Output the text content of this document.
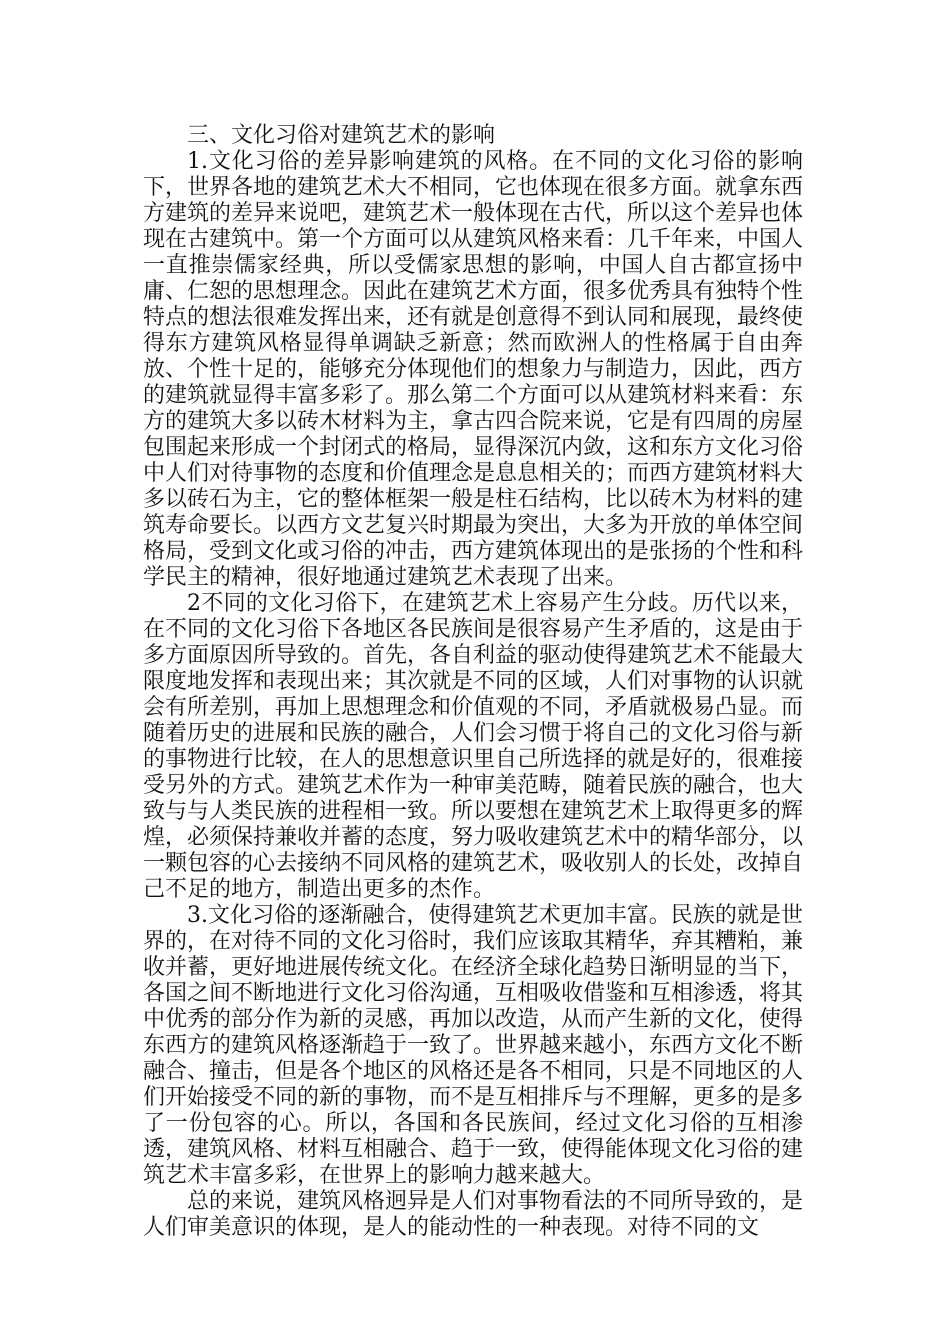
三、文化习俗对建筑艺术的影响

1.文化习俗的差异影响建筑的风格。在不同的文化习俗的影响下，世界各地的建筑艺术大不相同，它也体现在很多方面。就拿东西方建筑的差异来说吧，建筑艺术一般体现在古代，所以这个差异也体现在古建筑中。第一个方面可以从建筑风格来看：几千年来，中国人一直推崇儒家经典，所以受儒家思想的影响，中国人自古都宣扬中庸、仁恕的思想理念。因此在建筑艺术方面，很多优秀具有独特个性特点的想法很难发挥出来，还有就是创意得不到认同和展现，最终使得东方建筑风格显得单调缺乏新意；然而欧洲人的性格属于自由奔放、个性十足的，能够充分体现他们的想象力与制造力，因此，西方的建筑就显得丰富多彩了。那么第二个方面可以从建筑材料来看：东方的建筑大多以砖木材料为主，拿古四合院来说，它是有四周的房屋包围起来形成一个封闭式的格局，显得深沉内敛，这和东方文化习俗中人们对待事物的态度和价值理念是息息相关的；而西方建筑材料大多以砖石为主，它的整体框架一般是柱石结构，比以砖木为材料的建筑寿命要长。以西方文艺复兴时期最为突出，大多为开放的单体空间格局，受到文化或习俗的冲击，西方建筑体现出的是张扬的个性和科学民主的精神，很好地通过建筑艺术表现了出来。

2不同的文化习俗下，在建筑艺术上容易产生分歧。历代以来，在不同的文化习俗下各地区各民族间是很容易产生矛盾的，这是由于多方面原因所导致的。首先，各自利益的驱动使得建筑艺术不能最大限度地发挥和表现出来；其次就是不同的区域，人们对事物的认识就会有所差别，再加上思想理念和价值观的不同，矛盾就极易凸显。而随着历史的进展和民族的融合，人们会习惯于将自己的文化习俗与新的事物进行比较，在人的思想意识里自己所选择的就是好的，很难接受另外的方式。建筑艺术作为一种审美范畴，随着民族的融合，也大致与与人类民族的进程相一致。所以要想在建筑艺术上取得更多的辉煌，必须保持兼收并蓄的态度，努力吸收建筑艺术中的精华部分，以一颗包容的心去接纳不同风格的建筑艺术，吸收别人的长处，改掉自己不足的地方，制造出更多的杰作。

3.文化习俗的逐渐融合，使得建筑艺术更加丰富。民族的就是世界的，在对待不同的文化习俗时，我们应该取其精华，弃其糟粕，兼收并蓄，更好地进展传统文化。在经济全球化趋势日渐明显的当下，各国之间不断地进行文化习俗沟通，互相吸收借鉴和互相渗透，将其中优秀的部分作为新的灵感，再加以改造，从而产生新的文化，使得东西方的建筑风格逐渐趋于一致了。世界越来越小，东西方文化不断融合、撞击，但是各个地区的风格还是各不相同，只是不同地区的人们开始接受不同的新的事物，而不是互相排斥与不理解，更多的是多了一份包容的心。所以，各国和各民族间，经过文化习俗的互相渗透，建筑风格、材料互相融合、趋于一致，使得能体现文化习俗的建筑艺术丰富多彩，在世界上的影响力越来越大。

总的来说，建筑风格迥异是人们对事物看法的不同所导致的，是人们审美意识的体现，是人的能动性的一种表现。对待不同的文
